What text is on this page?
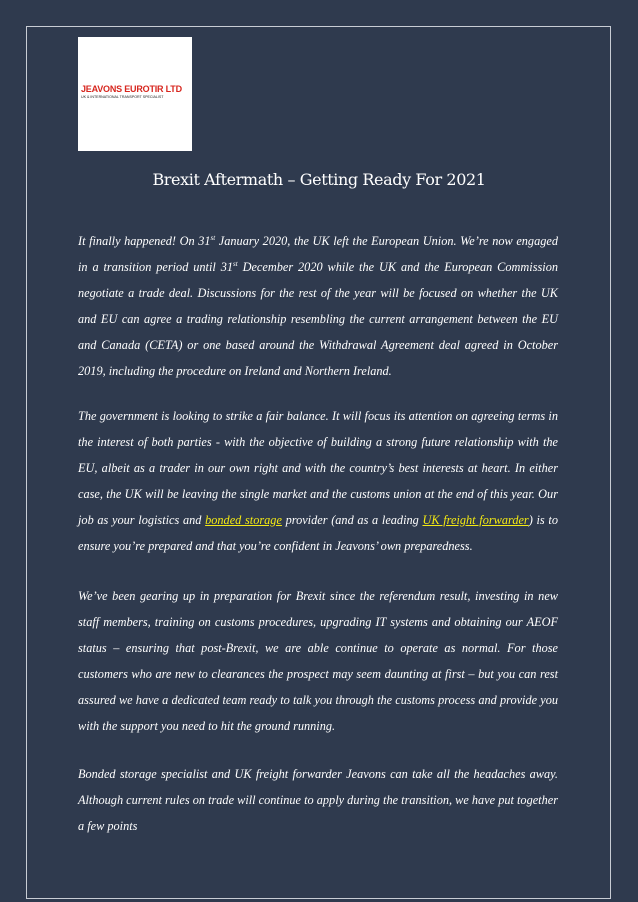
JEAVONS EUROTIR LTD
UK & INTERNATIONAL TRANSPORT SPECIALIST
Brexit Aftermath – Getting Ready For 2021
It finally happened! On 31st January 2020, the UK left the European Union. We’re now engaged in a transition period until 31st December 2020 while the UK and the European Commission negotiate a trade deal. Discussions for the rest of the year will be focused on whether the UK and EU can agree a trading relationship resembling the current arrangement between the EU and Canada (CETA) or one based around the Withdrawal Agreement deal agreed in October 2019, including the procedure on Ireland and Northern Ireland.
The government is looking to strike a fair balance. It will focus its attention on agreeing terms in the interest of both parties - with the objective of building a strong future relationship with the EU, albeit as a trader in our own right and with the country’s best interests at heart. In either case, the UK will be leaving the single market and the customs union at the end of this year. Our job as your logistics and bonded storage provider (and as a leading UK freight forwarder) is to ensure you’re prepared and that you’re confident in Jeavons’ own preparedness.
We’ve been gearing up in preparation for Brexit since the referendum result, investing in new staff members, training on customs procedures, upgrading IT systems and obtaining our AEOF status – ensuring that post-Brexit, we are able continue to operate as normal. For those customers who are new to clearances the prospect may seem daunting at first – but you can rest assured we have a dedicated team ready to talk you through the customs process and provide you with the support you need to hit the ground running.
Bonded storage specialist and UK freight forwarder Jeavons can take all the headaches away. Although current rules on trade will continue to apply during the transition, we have put together a few points
